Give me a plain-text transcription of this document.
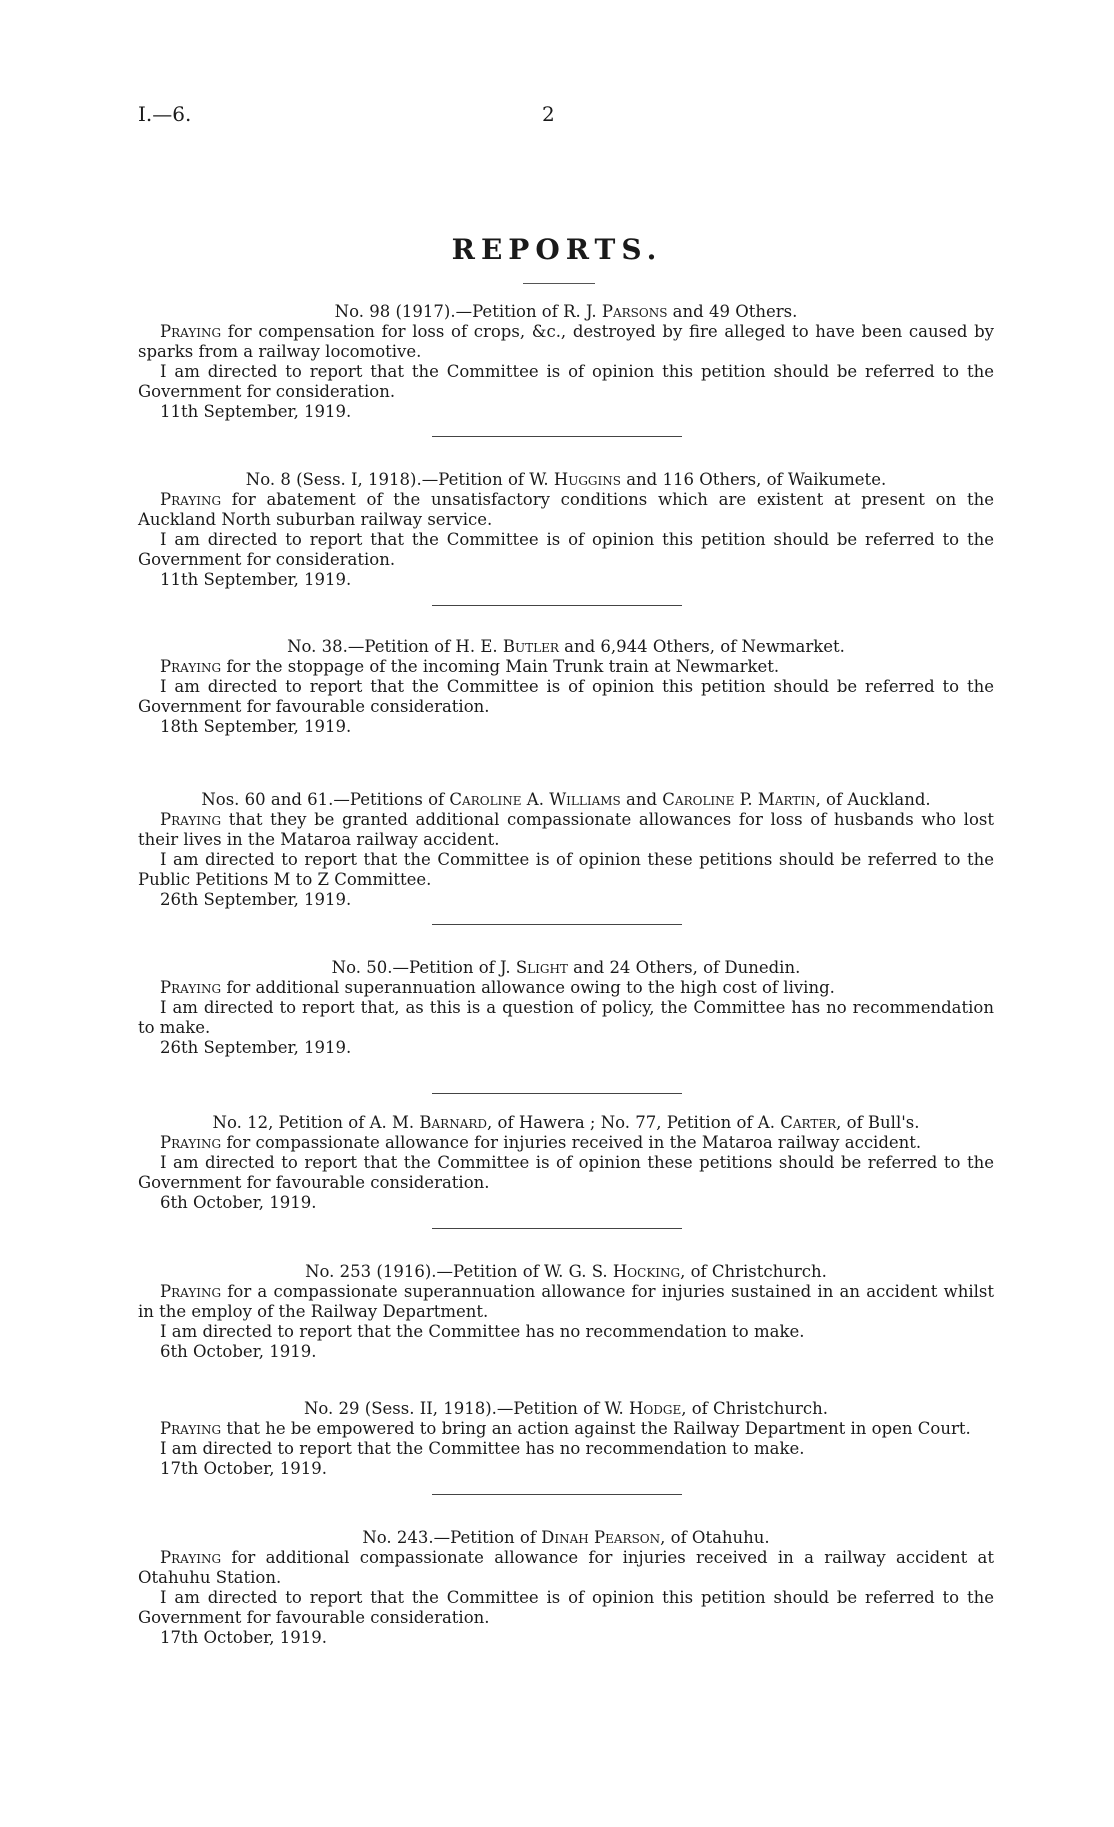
I.—6.	2
REPORTS.
No. 98 (1917).—Petition of R. J. Parsons and 49 Others.
Praying for compensation for loss of crops, &c., destroyed by fire alleged to have been caused by sparks from a railway locomotive.
I am directed to report that the Committee is of opinion this petition should be referred to the Government for consideration.
11th September, 1919.
No. 8 (Sess. I, 1918).—Petition of W. Huggins and 116 Others, of Waikumete.
Praying for abatement of the unsatisfactory conditions which are existent at present on the Auckland North suburban railway service.
I am directed to report that the Committee is of opinion this petition should be referred to the Government for consideration.
11th September, 1919.
No. 38.—Petition of H. E. Butler and 6,944 Others, of Newmarket.
Praying for the stoppage of the incoming Main Trunk train at Newmarket.
I am directed to report that the Committee is of opinion this petition should be referred to the Government for favourable consideration.
18th September, 1919.
Nos. 60 and 61.—Petitions of Caroline A. Williams and Caroline P. Martin, of Auckland.
Praying that they be granted additional compassionate allowances for loss of husbands who lost their lives in the Mataroa railway accident.
I am directed to report that the Committee is of opinion these petitions should be referred to the Public Petitions M to Z Committee.
26th September, 1919.
No. 50.—Petition of J. Slight and 24 Others, of Dunedin.
Praying for additional superannuation allowance owing to the high cost of living.
I am directed to report that, as this is a question of policy, the Committee has no recommendation to make.
26th September, 1919.
No. 12, Petition of A. M. Barnard, of Hawera ; No. 77, Petition of A. Carter, of Bull's.
Praying for compassionate allowance for injuries received in the Mataroa railway accident.
I am directed to report that the Committee is of opinion these petitions should be referred to the Government for favourable consideration.
6th October, 1919.
No. 253 (1916).—Petition of W. G. S. Hocking, of Christchurch.
Praying for a compassionate superannuation allowance for injuries sustained in an accident whilst in the employ of the Railway Department.
I am directed to report that the Committee has no recommendation to make.
6th October, 1919.
No. 29 (Sess. II, 1918).—Petition of W. Hodge, of Christchurch.
Praying that he be empowered to bring an action against the Railway Department in open Court.
I am directed to report that the Committee has no recommendation to make.
17th October, 1919.
No. 243.—Petition of Dinah Pearson, of Otahuhu.
Praying for additional compassionate allowance for injuries received in a railway accident at Otahuhu Station.
I am directed to report that the Committee is of opinion this petition should be referred to the Government for favourable consideration.
17th October, 1919.
